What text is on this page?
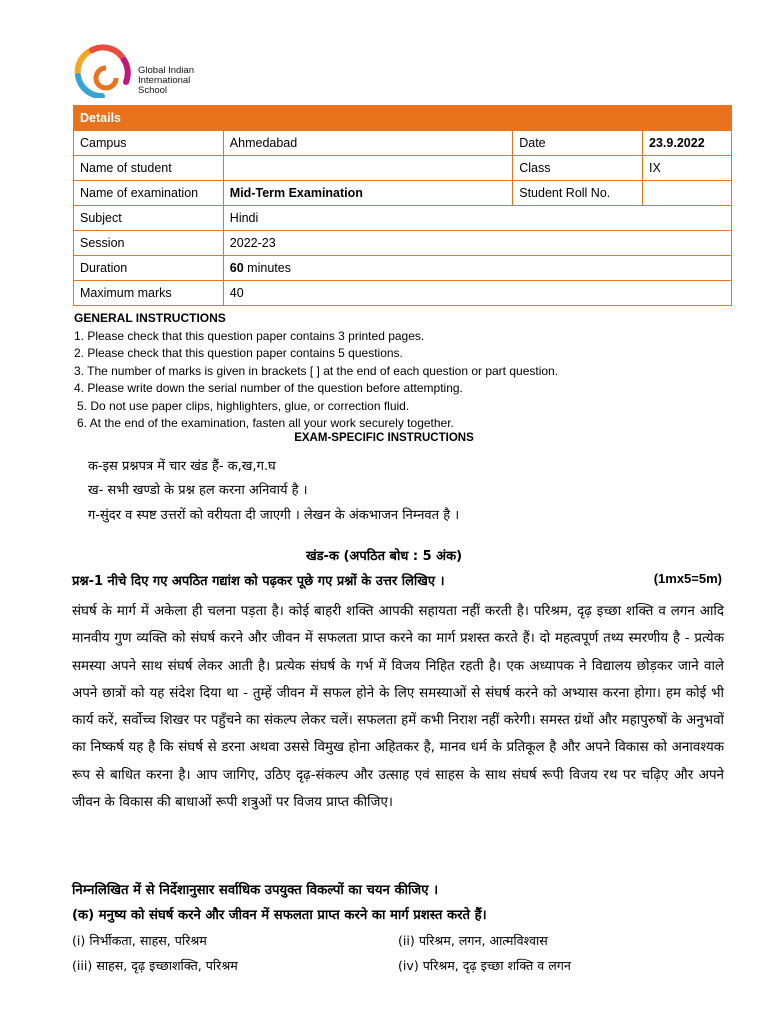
Global Indian
International
School
Details			
Campus	Ahmedabad	Date	23.9.2022
Name of student		Class	IX
Name of examination	Mid-Term Examination	Student Roll No.	
Subject	Hindi		
Session	2022-23		
Duration	60 minutes		
Maximum marks	40		
GENERAL INSTRUCTIONS
1. Please check that this question paper contains 3 printed pages.
2. Please check that this question paper contains 5 questions.
3. The number of marks is given in brackets [ ] at the end of each question or part question.
4. Please write down the serial number of the question before attempting.
5. Do not use paper clips, highlighters, glue, or correction fluid.
6. At the end of the examination, fasten all your work securely together.
EXAM-SPECIFIC INSTRUCTIONS
क-इस प्रश्नपत्र में चार खंड हैं- क,ख,ग.घ
ख- सभी खण्डो के प्रश्न हल करना अनिवार्य है ।
ग-सुंदर व स्पष्ट उत्तरों को वरीयता दी जाएगी । लेखन के अंकभाजन निम्नवत है ।
खंड-क (अपठित बोध : 5 अंक)
प्रश्न-1 नीचे दिए गए अपठित गद्यांश को पढ़कर पूछे गए प्रश्नों के उत्तर लिखिए ।	(1mx5=5m)
संघर्ष के मार्ग में अकेला ही चलना पड़ता है। कोई बाहरी शक्ति आपकी सहायता नहीं करती है। परिश्रम, दृढ़ इच्छा शक्ति व लगन आदि मानवीय गुण व्यक्ति को संघर्ष करने और जीवन में सफलता प्राप्त करने का मार्ग प्रशस्त करते हैं। दो महत्वपूर्ण तथ्य स्मरणीय है - प्रत्येक समस्या अपने साथ संघर्ष लेकर आती है। प्रत्येक संघर्ष के गर्भ में विजय निहित रहती है। एक अध्यापक ने विद्यालय छोड़कर जाने वाले अपने छात्रों को यह संदेश दिया था - तुम्हें जीवन में सफल होने के लिए समस्याओं से संघर्ष करने को अभ्यास करना होगा। हम कोई भी कार्य करें, सर्वोच्च शिखर पर पहुँचने का संकल्प लेकर चलें। सफलता हमें कभी निराश नहीं करेगी। समस्त ग्रंथों और महापुरुषों के अनुभवों का निष्कर्ष यह है कि संघर्ष से डरना अथवा उससे विमुख होना अहितकर है, मानव धर्म के प्रतिकूल है और अपने विकास को अनावश्यक रूप से बाधित करना है। आप जागिए, उठिए दृढ़-संकल्प और उत्साह एवं साहस के साथ संघर्ष रूपी विजय रथ पर चढ़िए और अपने जीवन के विकास की बाधाओं रूपी शत्रुओं पर विजय प्राप्त कीजिए।
निम्नलिखित में से निर्देशानुसार सर्वाधिक उपयुक्त विकल्पों का चयन कीजिए ।
(क) मनुष्य को संघर्ष करने और जीवन में सफलता प्राप्त करने का मार्ग प्रशस्त करते हैं।
(i) निर्भीकता, साहस, परिश्रम	(ii) परिश्रम, लगन, आत्मविश्वास
(iii) साहस, दृढ़ इच्छाशक्ति, परिश्रम	(iv) परिश्रम, दृढ़ इच्छा शक्ति व लगन
